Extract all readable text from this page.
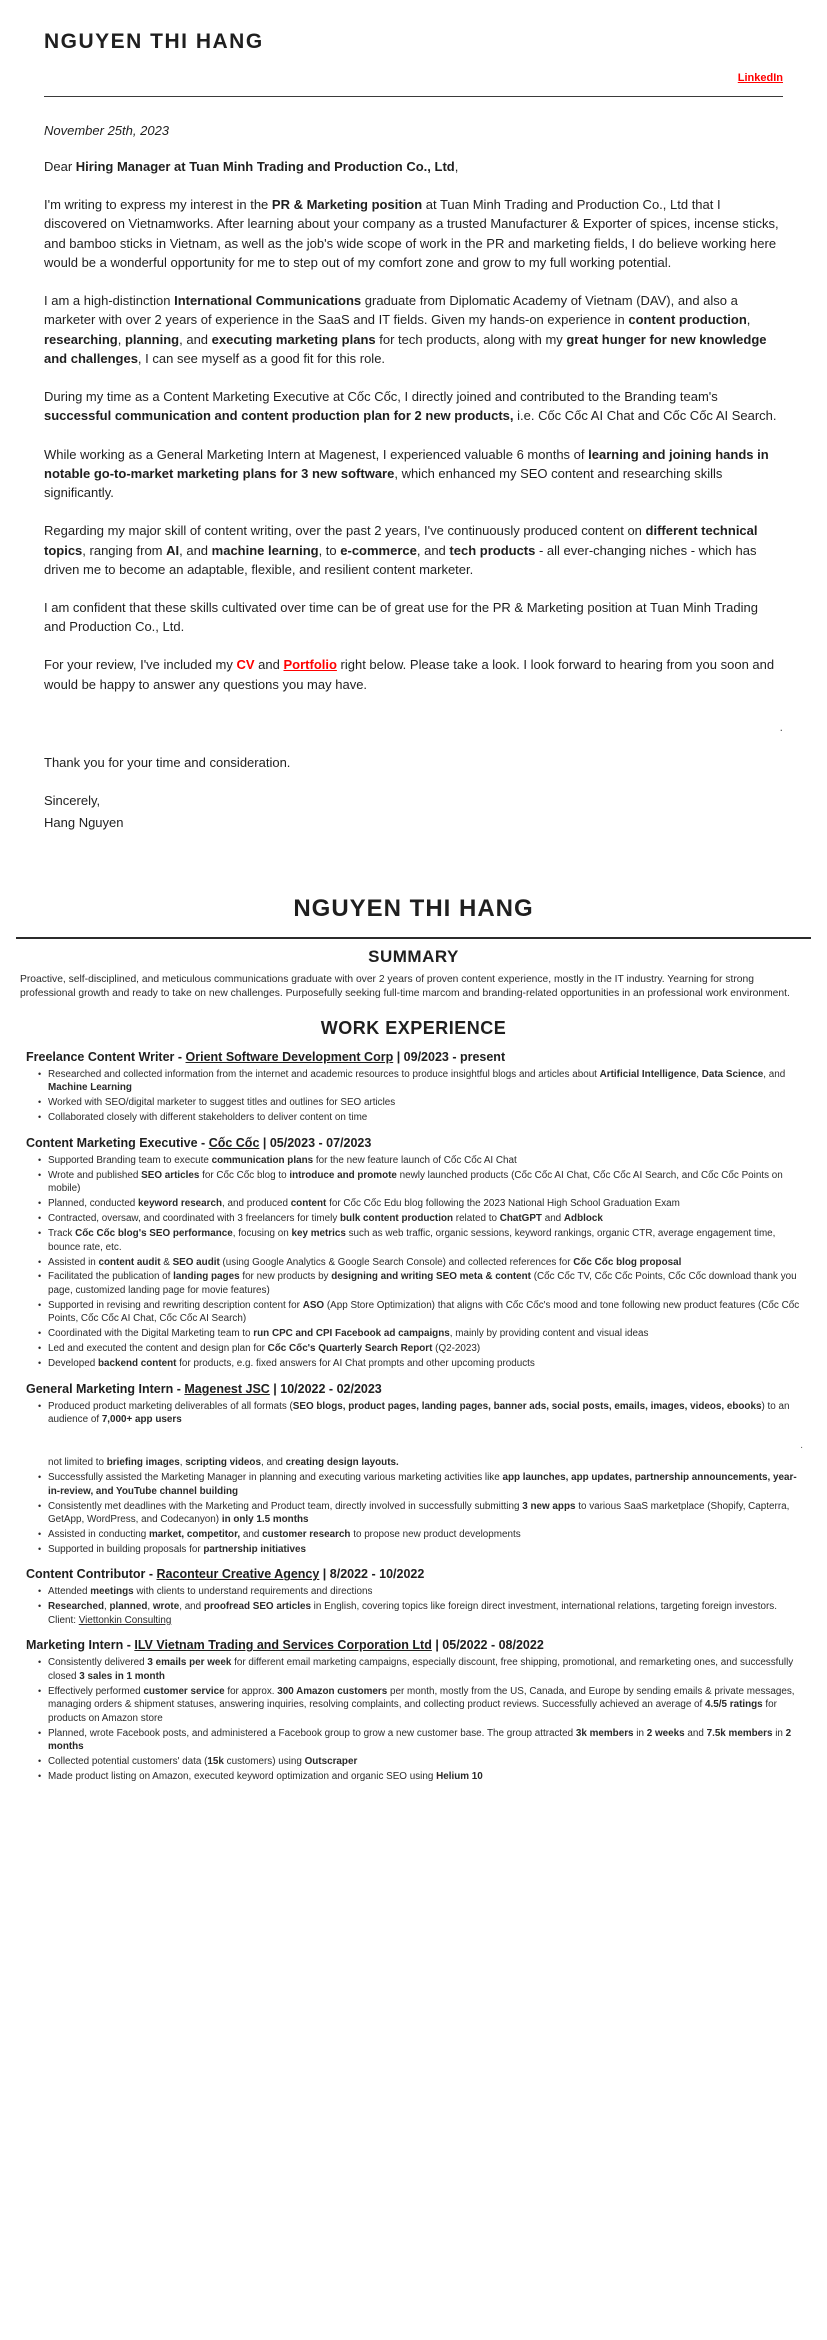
NGUYEN THI HANG
LinkedIn

November 25th, 2023

Dear Hiring Manager at Tuan Minh Trading and Production Co., Ltd,

I'm writing to express my interest in the PR & Marketing position at Tuan Minh Trading and Production Co., Ltd that I discovered on Vietnamworks. After learning about your company as a trusted Manufacturer & Exporter of spices, incense sticks, and bamboo sticks in Vietnam, as well as the job's wide scope of work in the PR and marketing fields, I do believe working here would be a wonderful opportunity for me to step out of my comfort zone and grow to my full working potential.

I am a high-distinction International Communications graduate from Diplomatic Academy of Vietnam (DAV), and also a marketer with over 2 years of experience in the SaaS and IT fields. Given my hands-on experience in content production, researching, planning, and executing marketing plans for tech products, along with my great hunger for new knowledge and challenges, I can see myself as a good fit for this role.

During my time as a Content Marketing Executive at Cốc Cốc, I directly joined and contributed to the Branding team's successful communication and content production plan for 2 new products, i.e. Cốc Cốc AI Chat and Cốc Cốc AI Search.

While working as a General Marketing Intern at Magenest, I experienced valuable 6 months of learning and joining hands in notable go-to-market marketing plans for 3 new software, which enhanced my SEO content and researching skills significantly.

Regarding my major skill of content writing, over the past 2 years, I've continuously produced content on different technical topics, ranging from AI, and machine learning, to e-commerce, and tech products - all ever-changing niches - which has driven me to become an adaptable, flexible, and resilient content marketer.

I am confident that these skills cultivated over time can be of great use for the PR & Marketing position at Tuan Minh Trading and Production Co., Ltd.

For your review, I've included my CV and Portfolio right below. Please take a look. I look forward to hearing from you soon and would be happy to answer any questions you may have.

.

Thank you for your time and consideration.

Sincerely,

Hang Nguyen

NGUYEN THI HANG
SUMMARY

Proactive, self-disciplined, and meticulous communications graduate with over 2 years of proven content experience, mostly in the IT industry. Yearning for strong professional growth and ready to take on new challenges. Purposefully seeking full-time marcom and branding-related opportunities in an professional work environment.

WORK EXPERIENCE
Freelance Content Writer - Orient Software Development Corp | 09/2023 - present
• Researched and collected information from the internet and academic resources to produce insightful blogs and articles about Artificial Intelligence, Data Science, and Machine Learning
• Worked with SEO/digital marketer to suggest titles and outlines for SEO articles
• Collaborated closely with different stakeholders to deliver content on time
Content Marketing Executive - Cốc Cốc | 05/2023 - 07/2023
• Supported Branding team to execute communication plans for the new feature launch of Cốc Cốc AI Chat
• Wrote and published SEO articles for Cốc Cốc blog to introduce and promote newly launched products (Cốc Cốc AI Chat, Cốc Cốc AI Search, and Cốc Cốc Points on mobile)
• Planned, conducted keyword research, and produced content for Cốc Cốc Edu blog following the 2023 National High School Graduation Exam
• Contracted, oversaw, and coordinated with 3 freelancers for timely bulk content production related to ChatGPT and Adblock
• Track Cốc Cốc blog's SEO performance, focusing on key metrics such as web traffic, organic sessions, keyword rankings, organic CTR, average engagement time, bounce rate, etc.
• Assisted in content audit & SEO audit (using Google Analytics & Google Search Console) and collected references for Cốc Cốc blog proposal
• Facilitated the publication of landing pages for new products by designing and writing SEO meta & content (Cốc Cốc TV, Cốc Cốc Points, Cốc Cốc download thank you page, customized landing page for movie features)
• Supported in revising and rewriting description content for ASO (App Store Optimization) that aligns with Cốc Cốc's mood and tone following new product features (Cốc Cốc Points, Cốc Cốc AI Chat, Cốc Cốc AI Search)
• Coordinated with the Digital Marketing team to run CPC and CPI Facebook ad campaigns, mainly by providing content and visual ideas
• Led and executed the content and design plan for Cốc Cốc's Quarterly Search Report (Q2-2023)
• Developed backend content for products, e.g. fixed answers for AI Chat prompts and other upcoming products
General Marketing Intern - Magenest JSC | 10/2022 - 02/2023
• Produced product marketing deliverables of all formats (SEO blogs, product pages, landing pages, banner ads, social posts, emails, images, videos, ebooks) to an audience of 7,000+ app users
.
not limited to briefing images, scripting videos, and creating design layouts.
• Successfully assisted the Marketing Manager in planning and executing various marketing activities like app launches, app updates, partnership announcements, year-in-review, and YouTube channel building
• Consistently met deadlines with the Marketing and Product team, directly involved in successfully submitting 3 new apps to various SaaS marketplace (Shopify, Capterra, GetApp, WordPress, and Codecanyon) in only 1.5 months
• Assisted in conducting market, competitor, and customer research to propose new product developments
• Supported in building proposals for partnership initiatives
Content Contributor - Raconteur Creative Agency | 8/2022 - 10/2022
• Attended meetings with clients to understand requirements and directions
• Researched, planned, wrote, and proofread SEO articles in English, covering topics like foreign direct investment, international relations, targeting foreign investors. Client: Viettonkin Consulting
Marketing Intern - ILV Vietnam Trading and Services Corporation Ltd | 05/2022 - 08/2022
• Consistently delivered 3 emails per week for different email marketing campaigns, especially discount, free shipping, promotional, and remarketing ones, and successfully closed 3 sales in 1 month
• Effectively performed customer service for approx. 300 Amazon customers per month, mostly from the US, Canada, and Europe by sending emails & private messages, managing orders & shipment statuses, answering inquiries, resolving complaints, and collecting product reviews. Successfully achieved an average of 4.5/5 ratings for products on Amazon store
• Planned, wrote Facebook posts, and administered a Facebook group to grow a new customer base. The group attracted 3k members in 2 weeks and 7.5k members in 2 months
• Collected potential customers' data (15k customers) using Outscraper
• Made product listing on Amazon, executed keyword optimization and organic SEO using Helium 10
